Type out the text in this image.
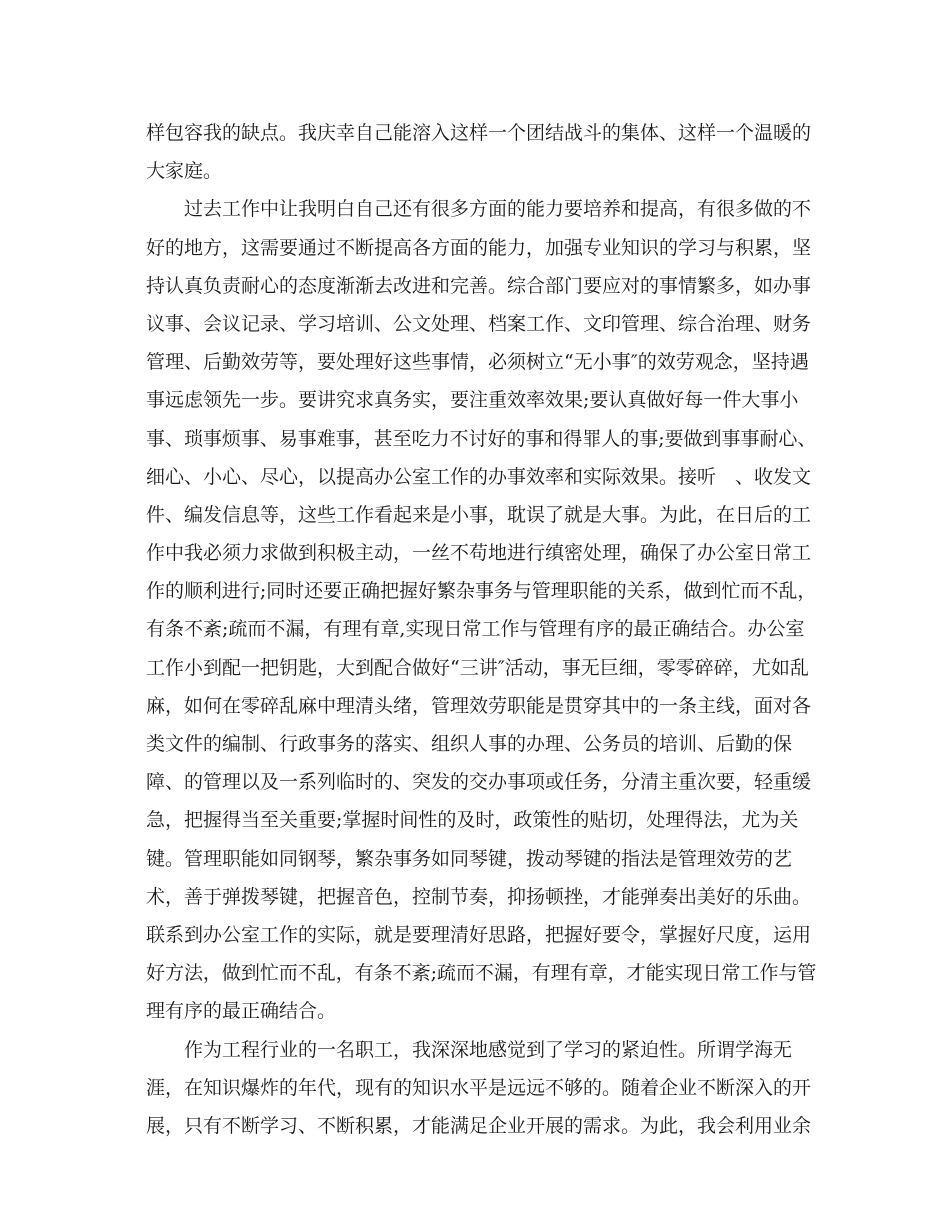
样包容我的缺点。我庆幸自己能溶入这样一个团结战斗的集体、这样一个温暖的
大家庭。
过去工作中让我明白自己还有很多方面的能力要培养和提高，有很多做的不
好的地方，这需要通过不断提高各方面的能力，加强专业知识的学习与积累，坚
持认真负责耐心的态度渐渐去改进和完善。综合部门要应对的事情繁多，如办事
议事、会议记录、学习培训、公文处理、档案工作、文印管理、综合治理、财务
管理、后勤效劳等，要处理好这些事情，必须树立“无小事″的效劳观念，坚持遇
事远虑领先一步。要讲究求真务实，要注重效率效果;要认真做好每一件大事小
事、琐事烦事、易事难事，甚至吃力不讨好的事和得罪人的事;要做到事事耐心、
细心、小心、尽心，以提高办公室工作的办事效率和实际效果。接听　、收发文
件、编发信息等，这些工作看起来是小事，耽误了就是大事。为此，在日后的工
作中我必须力求做到积极主动，一丝不苟地进行缜密处理，确保了办公室日常工
作的顺利进行;同时还要正确把握好繁杂事务与管理职能的关系，做到忙而不乱，
有条不紊;疏而不漏，有理有章,实现日常工作与管理有序的最正确结合。办公室
工作小到配一把钥匙，大到配合做好“三讲″活动，事无巨细，零零碎碎，尤如乱
麻，如何在零碎乱麻中理清头绪，管理效劳职能是贯穿其中的一条主线，面对各
类文件的编制、行政事务的落实、组织人事的办理、公务员的培训、后勤的保
障、的管理以及一系列临时的、突发的交办事项或任务，分清主重次要，轻重缓
急，把握得当至关重要;掌握时间性的及时，政策性的贴切，处理得法，尤为关
键。管理职能如同钢琴，繁杂事务如同琴键，拨动琴键的指法是管理效劳的艺
术，善于弹拨琴键，把握音色，控制节奏，抑扬顿挫，才能弹奏出美好的乐曲。
联系到办公室工作的实际，就是要理清好思路，把握好要令，掌握好尺度，运用
好方法，做到忙而不乱，有条不紊;疏而不漏，有理有章，才能实现日常工作与管
理有序的最正确结合。
作为工程行业的一名职工，我深深地感觉到了学习的紧迫性。所谓学海无
涯，在知识爆炸的年代，现有的知识水平是远远不够的。随着企业不断深入的开
展，只有不断学习、不断积累，才能满足企业开展的需求。为此，我会利用业余
